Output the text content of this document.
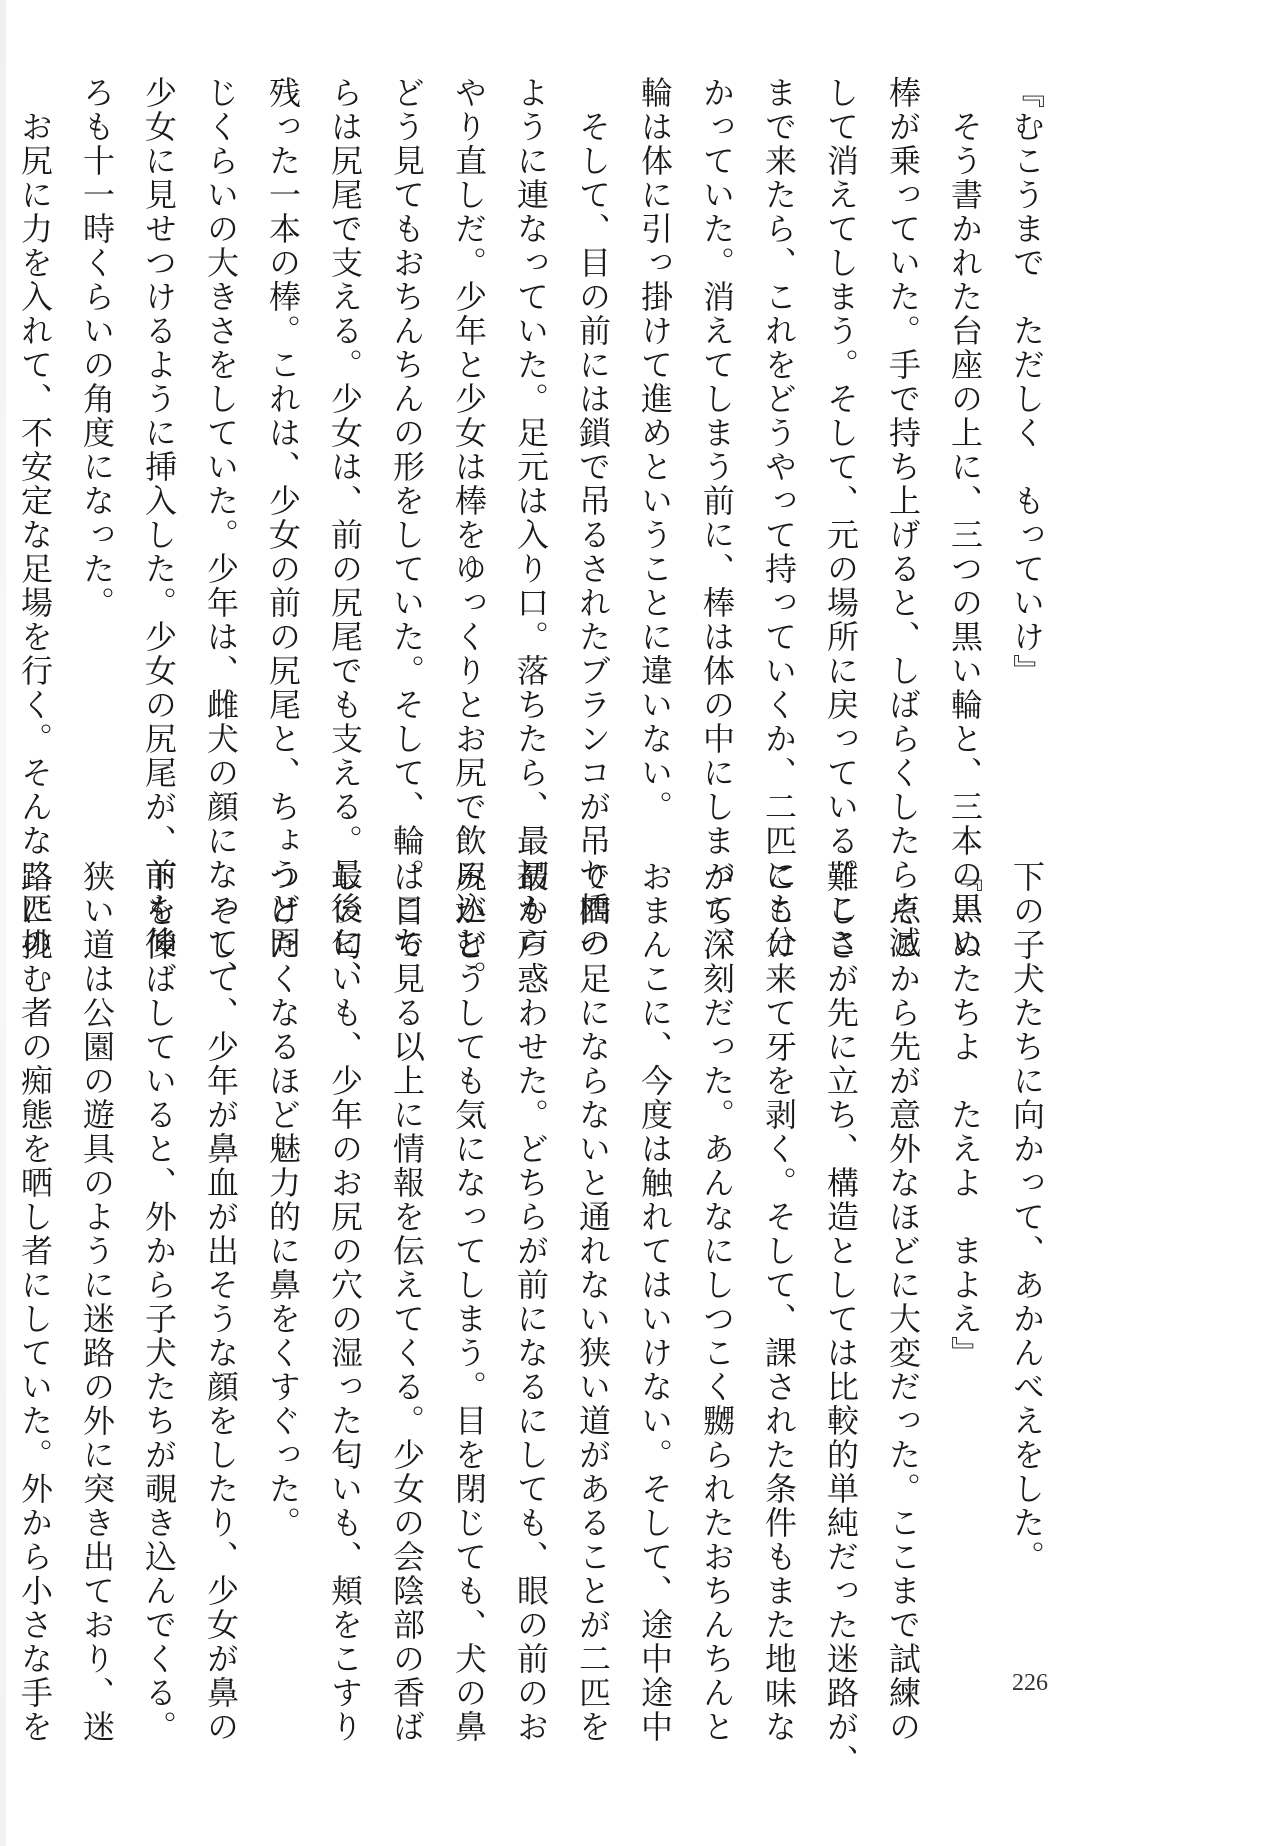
『むこうまで　ただしく　もっていけ』
　そう書かれた台座の上に、三つの黒い輪と、三本の黒い
棒が乗っていた。手で持ち上げると、しばらくしたら点滅
して消えてしまう。そして、元の場所に戻っている。ここ
まで来たら、これをどうやって持っていくか、二匹にも分
かっていた。消えてしまう前に、棒は体の中にしまって、
輪は体に引っ掛けて進めということに違いない。
　そして、目の前には鎖で吊るされたブランコが吊り橋の
ように連なっていた。足元は入り口。落ちたら、最初から
やり直しだ。少年と少女は棒をゆっくりとお尻で飲み込む。
どう見てもおちんちんの形をしていた。そして、輪。こち
らは尻尾で支える。少女は、前の尻尾でも支える。最後に、
残った一本の棒。これは、少女の前の尻尾と、ちょうど同
じくらいの大きさをしていた。少年は、雌犬の顔になって、
少女に見せつけるように挿入した。少女の尻尾が、前も後
ろも十一時くらいの角度になった。
　お尻に力を入れて、不安定な足場を行く。そんな二匹の
下の子犬たちに向かって、あかんべえをした。
『いぬたちよ　たえよ　まよえ』
　そこから先が意外なほどに大変だった。ここまで試練の
難しさが先に立ち、構造としては比較的単純だった迷路が、
ここに来て牙を剥く。そして、課された条件もまた地味な
がら深刻だった。あんなにしつこく嬲られたおちんちんと
おまんこに、今度は触れてはいけない。そして、途中途中
で四つ足にならないと通れない狭い道があることが二匹を
最も戸惑わせた。どちらが前になるにしても、眼の前のお
尻がどうしても気になってしまう。目を閉じても、犬の鼻
は目で見る以上に情報を伝えてくる。少女の会陰部の香ば
しい匂いも、少年のお尻の穴の湿った匂いも、頬をこすり
つけたくなるほど魅力的に鼻をくすぐった。
　そして、少年が鼻血が出そうな顔をしたり、少女が鼻の
下を伸ばしていると、外から子犬たちが覗き込んでくる。
狭い道は公園の遊具のように迷路の外に突き出ており、迷
路に挑む者の痴態を晒し者にしていた。外から小さな手を	226
